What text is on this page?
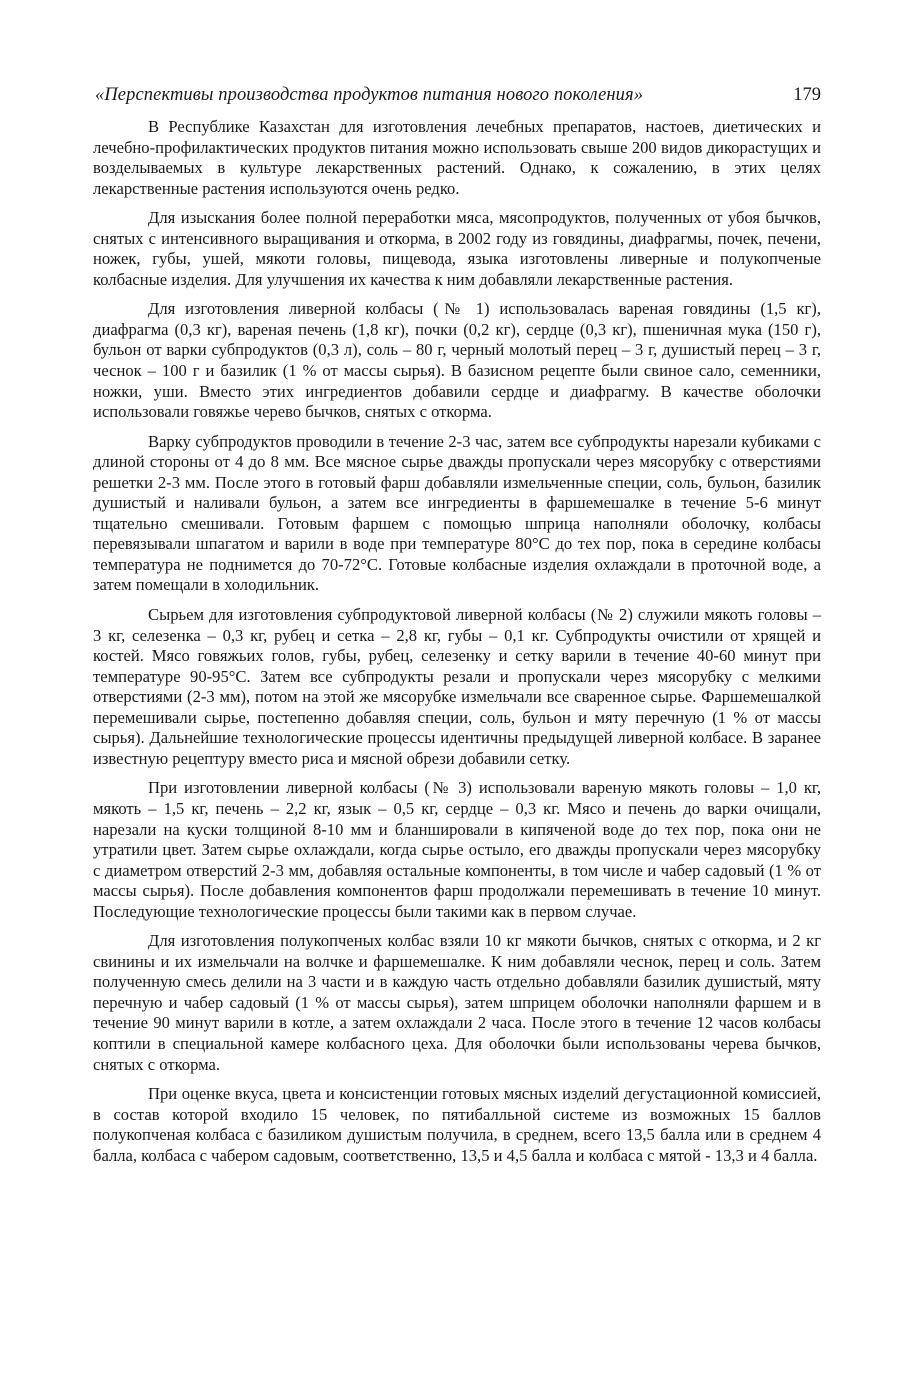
«Перспективы производства продуктов питания нового поколения»	179

В Республике Казахстан для изготовления лечебных препаратов, настоев, диетических и лечебно-профилактических продуктов питания можно использовать свыше 200 видов дикорастущих и возделываемых в культуре лекарственных растений. Однако, к сожалению, в этих целях лекарственные растения используются очень редко.

Для изыскания более полной переработки мяса, мясопродуктов, полученных от убоя бычков, снятых с интенсивного выращивания и откорма, в 2002 году из говядины, диафрагмы, почек, печени, ножек, губы, ушей, мякоти головы, пищевода, языка изготовлены ливерные и полукопченые колбасные изделия. Для улучшения их качества к ним добавляли лекарственные растения.

Для изготовления ливерной колбасы (№ 1) использовалась вареная говядины (1,5 кг), диафрагма (0,3 кг), вареная печень (1,8 кг), почки (0,2 кг), сердце (0,3 кг), пшеничная мука (150 г), бульон от варки субпродуктов (0,3 л), соль – 80 г, черный молотый перец – 3 г, душистый перец – 3 г, чеснок – 100 г и базилик (1 % от массы сырья). В базисном рецепте были свиное сало, семенники, ножки, уши. Вместо этих ингредиентов добавили сердце и диафрагму. В качестве оболочки использовали говяжье черево бычков, снятых с откорма.

Варку субпродуктов проводили в течение 2-3 час, затем все субпродукты нарезали кубиками с длиной стороны от 4 до 8 мм. Все мясное сырье дважды пропускали через мясорубку с отверстиями решетки 2-3 мм. После этого в готовый фарш добавляли измельченные специи, соль, бульон, базилик душистый и наливали бульон, а затем все ингредиенты в фаршемешалке в течение 5-6 минут тщательно смешивали. Готовым фаршем с помощью шприца наполняли оболочку, колбасы перевязывали шпагатом и варили в воде при температуре 80°С до тех пор, пока в середине колбасы температура не поднимется до 70-72°С. Готовые колбасные изделия охлаждали в проточной воде, а затем помещали в холодильник.

Сырьем для изготовления субпродуктовой ливерной колбасы (№ 2) служили мякоть головы – 3 кг, селезенка – 0,3 кг, рубец и сетка – 2,8 кг, губы – 0,1 кг. Субпродукты очистили от хрящей и костей. Мясо говяжьих голов, губы, рубец, селезенку и сетку варили в течение 40-60 минут при температуре 90-95°С. Затем все субпродукты резали и пропускали через мясорубку с мелкими отверстиями (2-3 мм), потом на этой же мясорубке измельчали все сваренное сырье. Фаршемешалкой перемешивали сырье, постепенно добавляя специи, соль, бульон и мяту перечную (1 % от массы сырья). Дальнейшие технологические процессы идентичны предыдущей ливерной колбасе. В заранее известную рецептуру вместо риса и мясной обрези добавили сетку.

При изготовлении ливерной колбасы (№ 3) использовали вареную мякоть головы – 1,0 кг, мякоть – 1,5 кг, печень – 2,2 кг, язык – 0,5 кг, сердце – 0,3 кг. Мясо и печень до варки очищали, нарезали на куски толщиной 8-10 мм и бланшировали в кипяченой воде до тех пор, пока они не утратили цвет. Затем сырье охлаждали, когда сырье остыло, его дважды пропускали через мясорубку с диаметром отверстий 2-3 мм, добавляя остальные компоненты, в том числе и чабер садовый (1 % от массы сырья). После добавления компонентов фарш продолжали перемешивать в течение 10 минут. Последующие технологические процессы были такими как в первом случае.

Для изготовления полукопченых колбас взяли 10 кг мякоти бычков, снятых с откорма, и 2 кг свинины и их измельчали на волчке и фаршемешалке. К ним добавляли чеснок, перец и соль. Затем полученную смесь делили на 3 части и в каждую часть отдельно добавляли базилик душистый, мяту перечную и чабер садовый (1 % от массы сырья), затем шприцем оболочки наполняли фаршем и в течение 90 минут варили в котле, а затем охлаждали 2 часа. После этого в течение 12 часов колбасы коптили в специальной камере колбасного цеха. Для оболочки были использованы черева бычков, снятых с откорма.

При оценке вкуса, цвета и консистенции готовых мясных изделий дегустационной комиссией, в состав которой входило 15 человек, по пятибалльной системе из возможных 15 баллов полукопченая колбаса с базиликом душистым получила, в среднем, всего 13,5 балла или в среднем 4 балла, колбаса с чабером садовым, соответственно, 13,5 и 4,5 балла и колбаса с мятой - 13,3 и 4 балла.
